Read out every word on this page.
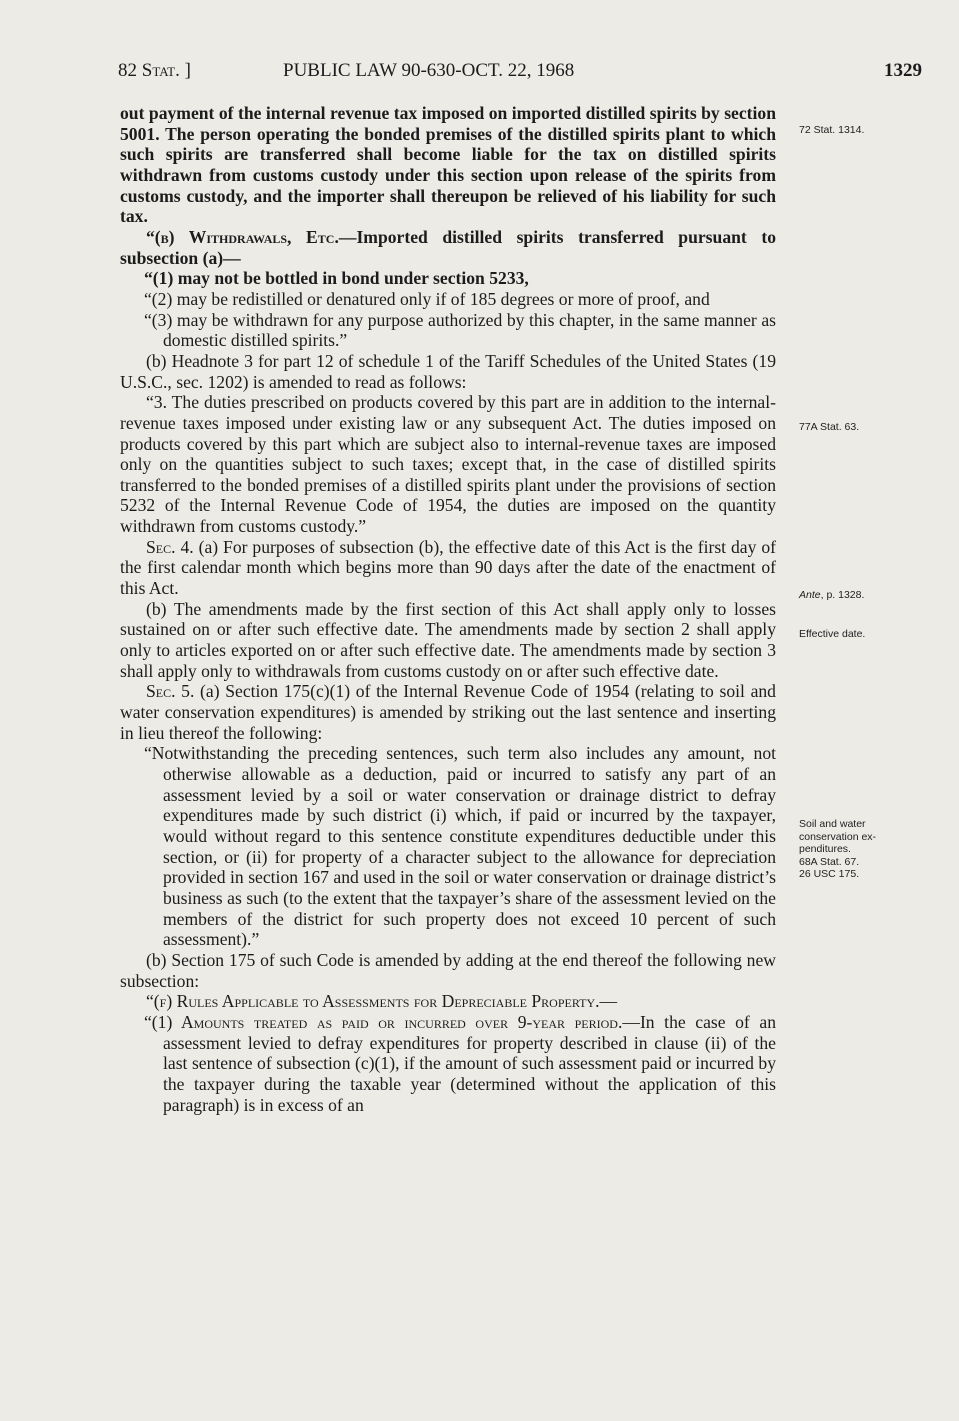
82 Stat. ]	PUBLIC LAW 90-630-OCT. 22, 1968	1329

out payment of the internal revenue tax imposed on imported distilled spirits by section 5001. The person operating the bonded premises of the distilled spirits plant to which such spirits are transferred shall become liable for the tax on distilled spirits withdrawn from customs custody under this section upon release of the spirits from customs custody, and the importer shall thereupon be relieved of his liability for such tax.

“(b) Withdrawals, Etc.—Imported distilled spirits transferred pursuant to subsection (a)—

“(1) may not be bottled in bond under section 5233,

“(2) may be redistilled or denatured only if of 185 degrees or more of proof, and

“(3) may be withdrawn for any purpose authorized by this chapter, in the same manner as domestic distilled spirits.”

(b) Headnote 3 for part 12 of schedule 1 of the Tariff Schedules of the United States (19 U.S.C., sec. 1202) is amended to read as follows:

“3. The duties prescribed on products covered by this part are in addition to the internal-revenue taxes imposed under existing law or any subsequent Act. The duties imposed on products covered by this part which are subject also to internal-revenue taxes are imposed only on the quantities subject to such taxes; except that, in the case of distilled spirits transferred to the bonded premises of a distilled spirits plant under the provisions of section 5232 of the Internal Revenue Code of 1954, the duties are imposed on the quantity withdrawn from customs custody.”

Sec. 4. (a) For purposes of subsection (b), the effective date of this Act is the first day of the first calendar month which begins more than 90 days after the date of the enactment of this Act.

(b) The amendments made by the first section of this Act shall apply only to losses sustained on or after such effective date. The amendments made by section 2 shall apply only to articles exported on or after such effective date. The amendments made by section 3 shall apply only to withdrawals from customs custody on or after such effective date.

Sec. 5. (a) Section 175(c)(1) of the Internal Revenue Code of 1954 (relating to soil and water conservation expenditures) is amended by striking out the last sentence and inserting in lieu thereof the following:

“Notwithstanding the preceding sentences, such term also includes any amount, not otherwise allowable as a deduction, paid or incurred to satisfy any part of an assessment levied by a soil or water conservation or drainage district to defray expenditures made by such district (i) which, if paid or incurred by the taxpayer, would without regard to this sentence constitute expenditures deductible under this section, or (ii) for property of a character subject to the allowance for depreciation provided in section 167 and used in the soil or water conservation or drainage district’s business as such (to the extent that the taxpayer’s share of the assessment levied on the members of the district for such property does not exceed 10 percent of such assessment).”

(b) Section 175 of such Code is amended by adding at the end thereof the following new subsection:

“(f) Rules Applicable to Assessments for Depreciable Property.—

“(1) Amounts treated as paid or incurred over 9-year period.—In the case of an assessment levied to defray expenditures for property described in clause (ii) of the last sentence of subsection (c)(1), if the amount of such assessment paid or incurred by the taxpayer during the taxable year (determined without the application of this paragraph) is in excess of an

72 Stat. 1314.
77A Stat. 63.
Ante, p. 1328.
Effective date.
Soil and water
conservation ex-
penditures.
68A Stat. 67.
26 USC 175.
